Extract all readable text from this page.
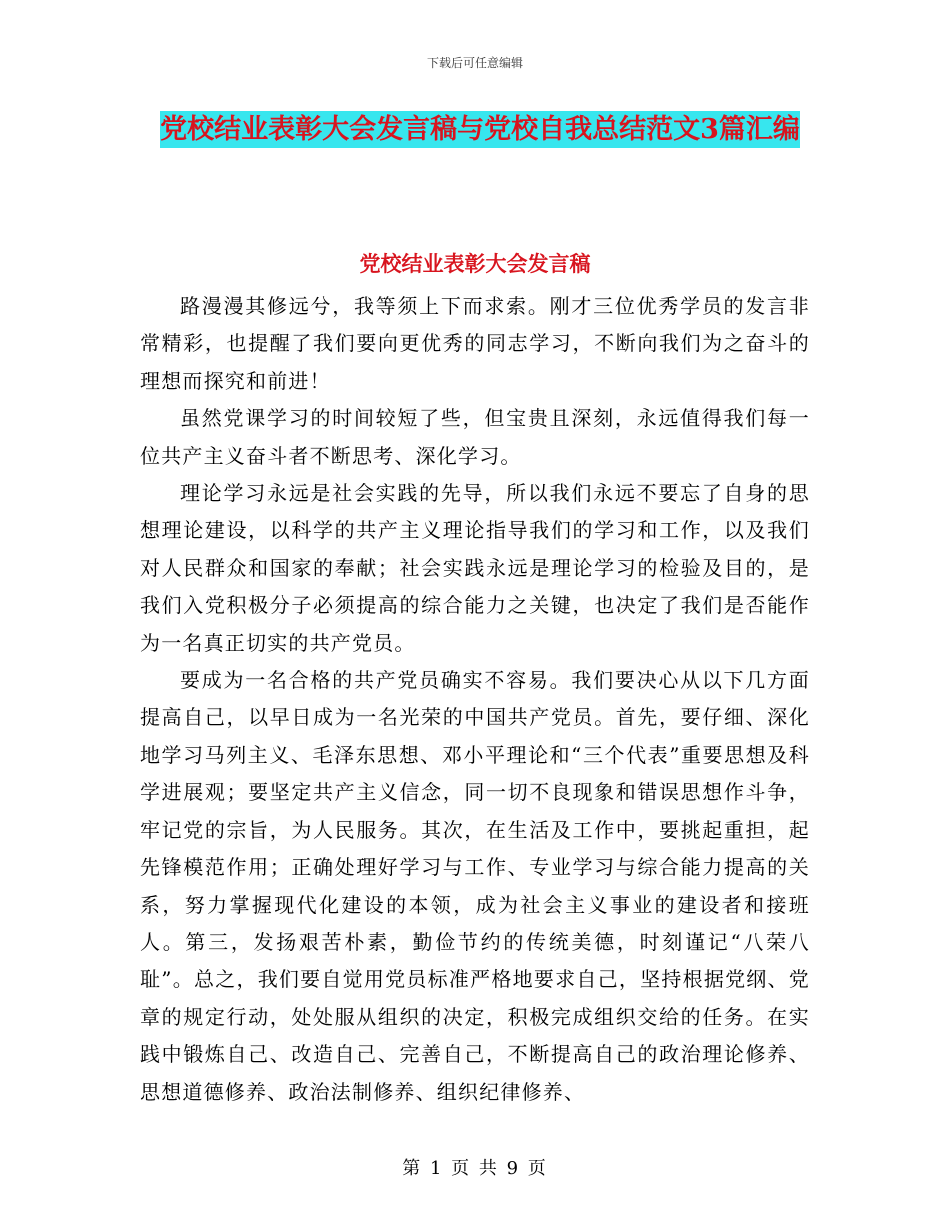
下载后可任意编辑
党校结业表彰大会发言稿与党校自我总结范文3篇汇编
党校结业表彰大会发言稿

路漫漫其修远兮，我等须上下而求索。刚才三位优秀学员的发言非常精彩，也提醒了我们要向更优秀的同志学习，不断向我们为之奋斗的理想而探究和前进！

虽然党课学习的时间较短了些，但宝贵且深刻，永远值得我们每一位共产主义奋斗者不断思考、深化学习。

理论学习永远是社会实践的先导，所以我们永远不要忘了自身的思想理论建设，以科学的共产主义理论指导我们的学习和工作，以及我们对人民群众和国家的奉献；社会实践永远是理论学习的检验及目的，是我们入党积极分子必须提高的综合能力之关键，也决定了我们是否能作为一名真正切实的共产党员。

要成为一名合格的共产党员确实不容易。我们要决心从以下几方面提高自己，以早日成为一名光荣的中国共产党员。首先，要仔细、深化地学习马列主义、毛泽东思想、邓小平理论和“三个代表”重要思想及科学进展观；要坚定共产主义信念，同一切不良现象和错误思想作斗争，牢记党的宗旨，为人民服务。其次，在生活及工作中，要挑起重担，起先锋模范作用；正确处理好学习与工作、专业学习与综合能力提高的关系，努力掌握现代化建设的本领，成为社会主义事业的建设者和接班人。第三，发扬艰苦朴素，勤俭节约的传统美德，时刻谨记“八荣八耻”。总之，我们要自觉用党员标准严格地要求自己，坚持根据党纲、党章的规定行动，处处服从组织的决定，积极完成组织交给的任务。在实践中锻炼自己、改造自己、完善自己，不断提高自己的政治理论修养、思想道德修养、政治法制修养、组织纪律修养、

第 1 页 共 9 页
